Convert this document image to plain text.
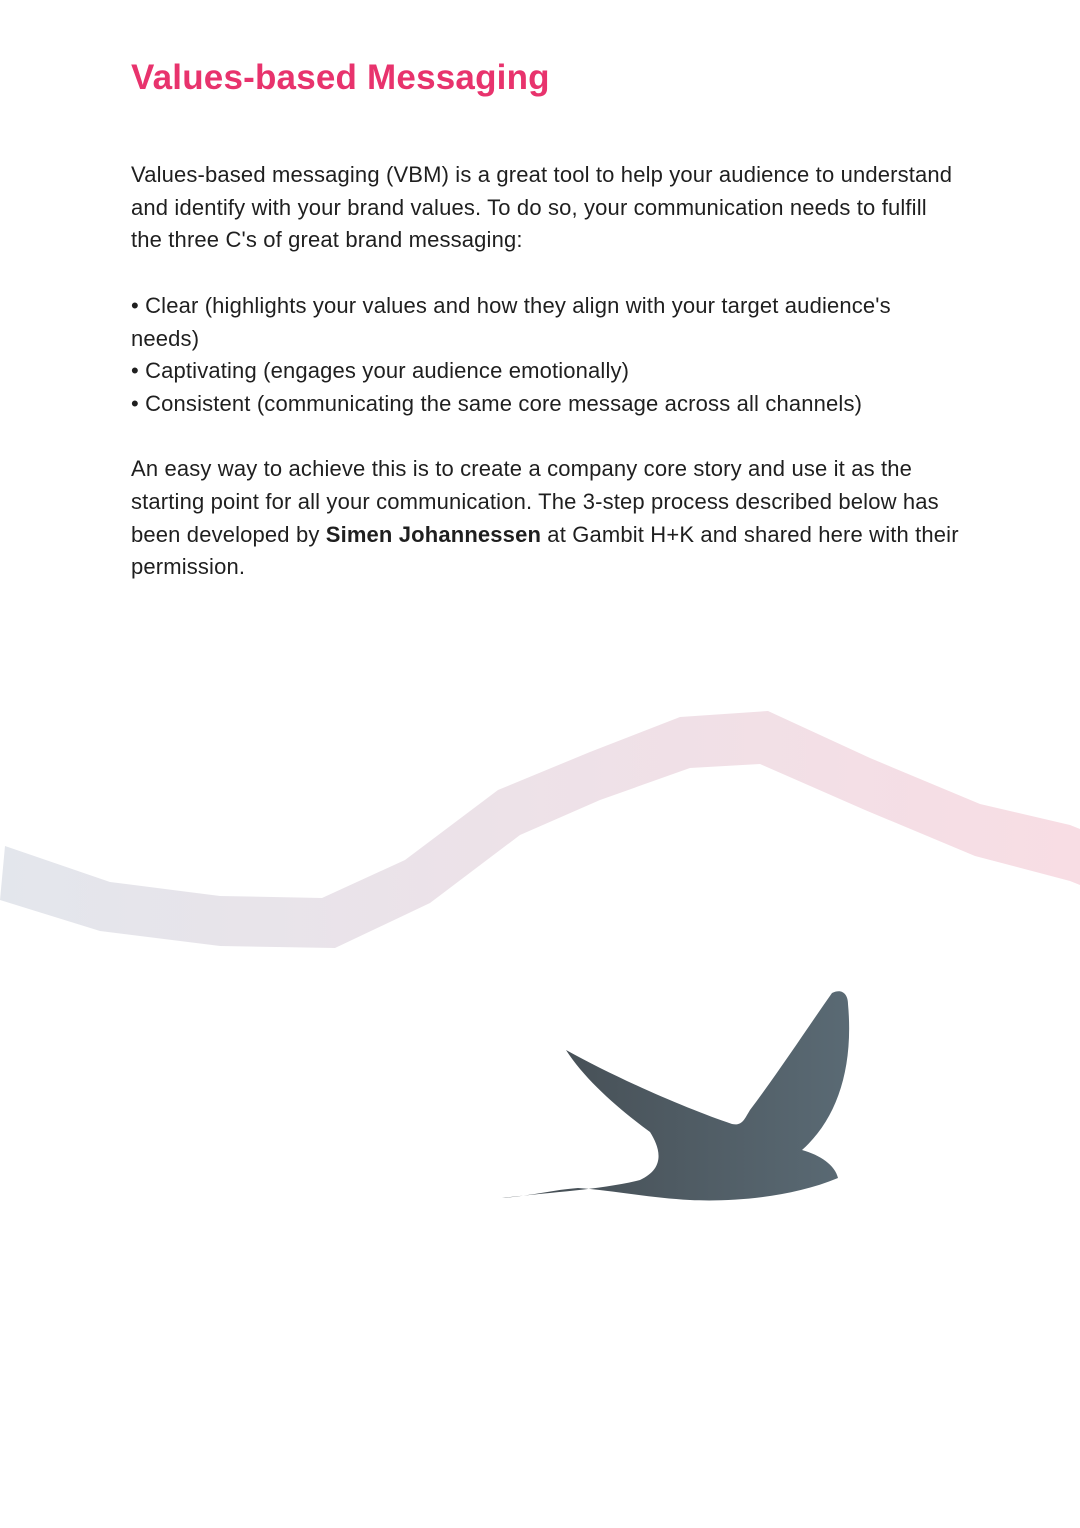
Values-based Messaging

Values-based messaging (VBM) is a great tool to help your audience to understand and identify with your brand values. To do so, your communication needs to fulfill the three C's of great brand messaging:

• Clear (highlights your values and how they align with your target audience's needs)

• Captivating (engages your audience emotionally)

• Consistent (communicating the same core message across all channels)

An easy way to achieve this is to create a company core story and use it as the starting point for all your communication. The 3-step process described below has been developed by Simen Johannessen at Gambit H+K and shared here with their permission.
